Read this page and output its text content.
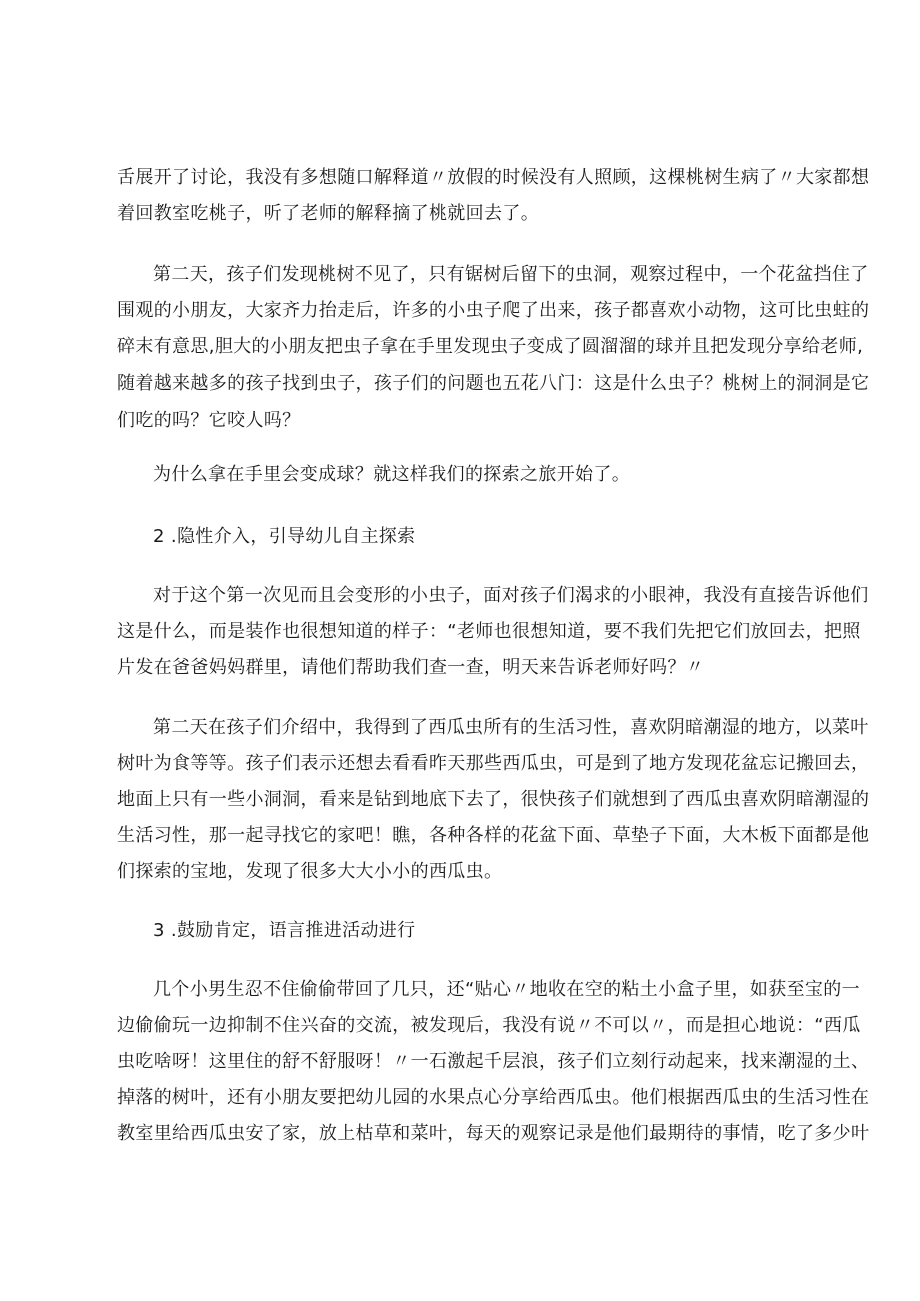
舌展开了讨论，我没有多想随口解释道〃放假的时候没有人照顾，这棵桃树生病了〃大家都想
着回教室吃桃子，听了老师的解释摘了桃就回去了。
第二天，孩子们发现桃树不见了，只有锯树后留下的虫洞，观察过程中，一个花盆挡住了
围观的小朋友，大家齐力抬走后，许多的小虫子爬了出来，孩子都喜欢小动物，这可比虫蛀的
碎末有意思,胆大的小朋友把虫子拿在手里发现虫子变成了圆溜溜的球并且把发现分享给老师,
随着越来越多的孩子找到虫子，孩子们的问题也五花八门：这是什么虫子？桃树上的洞洞是它
们吃的吗？它咬人吗？
为什么拿在手里会变成球？就这样我们的探索之旅开始了。
2 .隐性介入，引导幼儿自主探索
对于这个第一次见而且会变形的小虫子，面对孩子们渴求的小眼神，我没有直接告诉他们
这是什么，而是装作也很想知道的样子：“老师也很想知道，要不我们先把它们放回去，把照
片发在爸爸妈妈群里，请他们帮助我们查一查，明天来告诉老师好吗？〃
第二天在孩子们介绍中，我得到了西瓜虫所有的生活习性，喜欢阴暗潮湿的地方，以菜叶
树叶为食等等。孩子们表示还想去看看昨天那些西瓜虫，可是到了地方发现花盆忘记搬回去，
地面上只有一些小洞洞，看来是钻到地底下去了，很快孩子们就想到了西瓜虫喜欢阴暗潮湿的
生活习性，那一起寻找它的家吧！瞧，各种各样的花盆下面、草垫子下面，大木板下面都是他
们探索的宝地，发现了很多大大小小的西瓜虫。
3 .鼓励肯定，语言推进活动进行
几个小男生忍不住偷偷带回了几只，还“贴心〃地收在空的粘土小盒子里，如获至宝的一
边偷偷玩一边抑制不住兴奋的交流，被发现后，我没有说〃不可以〃，而是担心地说：“西瓜
虫吃啥呀！这里住的舒不舒服呀！〃一石激起千层浪，孩子们立刻行动起来，找来潮湿的土、
掉落的树叶，还有小朋友要把幼儿园的水果点心分享给西瓜虫。他们根据西瓜虫的生活习性在
教室里给西瓜虫安了家，放上枯草和菜叶，每天的观察记录是他们最期待的事情，吃了多少叶
